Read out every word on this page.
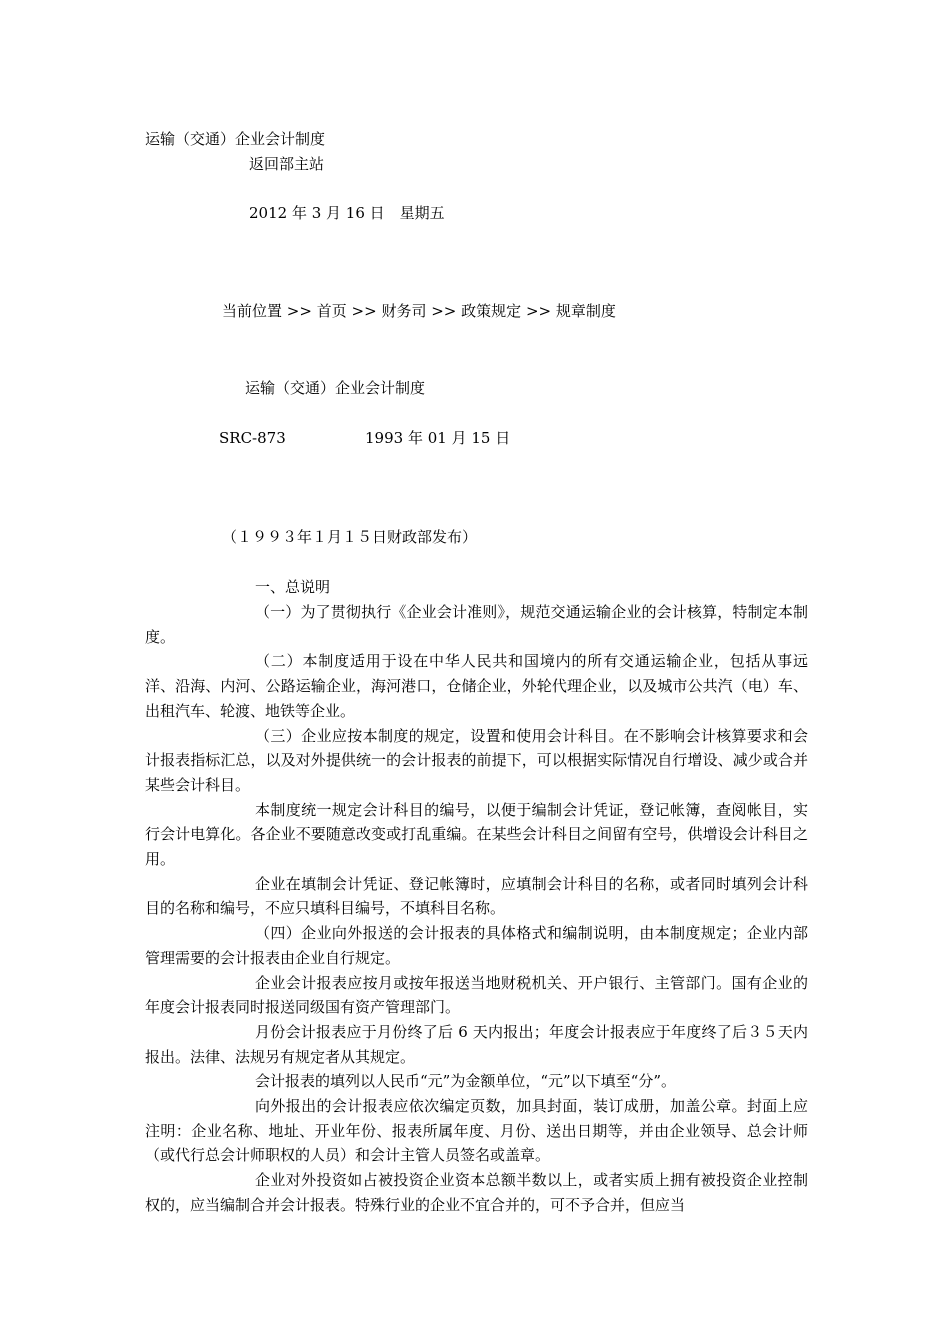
运输（交通）企业会计制度
返回部主站
2012 年 3 月 16 日　星期五
当前位置 >> 首页 >> 财务司 >> 政策规定 >> 规章制度
运输（交通）企业会计制度
SRC-873	1993 年 01 月 15 日
（１９９３年１月１５日财政部发布）
一、总说明

（一）为了贯彻执行《企业会计准则》，规范交通运输企业的会计核算，特制定本制度。

（二）本制度适用于设在中华人民共和国境内的所有交通运输企业，包括从事远洋、沿海、内河、公路运输企业，海河港口，仓储企业，外轮代理企业，以及城市公共汽（电）车、出租汽车、轮渡、地铁等企业。

（三）企业应按本制度的规定，设置和使用会计科目。在不影响会计核算要求和会计报表指标汇总，以及对外提供统一的会计报表的前提下，可以根据实际情况自行增设、减少或合并某些会计科目。

本制度统一规定会计科目的编号，以便于编制会计凭证，登记帐簿，查阅帐目，实行会计电算化。各企业不要随意改变或打乱重编。在某些会计科目之间留有空号，供增设会计科目之用。

企业在填制会计凭证、登记帐簿时，应填制会计科目的名称，或者同时填列会计科目的名称和编号，不应只填科目编号，不填科目名称。

（四）企业向外报送的会计报表的具体格式和编制说明，由本制度规定；企业内部管理需要的会计报表由企业自行规定。

企业会计报表应按月或按年报送当地财税机关、开户银行、主管部门。国有企业的年度会计报表同时报送同级国有资产管理部门。

月份会计报表应于月份终了后 6 天内报出；年度会计报表应于年度终了后３５天内报出。法律、法规另有规定者从其规定。

会计报表的填列以人民币“元”为金额单位，“元”以下填至“分”。

向外报出的会计报表应依次编定页数，加具封面，装订成册，加盖公章。封面上应注明：企业名称、地址、开业年份、报表所属年度、月份、送出日期等，并由企业领导、总会计师（或代行总会计师职权的人员）和会计主管人员签名或盖章。

企业对外投资如占被投资企业资本总额半数以上，或者实质上拥有被投资企业控制权的，应当编制合并会计报表。特殊行业的企业不宜合并的，可不予合并，但应当
